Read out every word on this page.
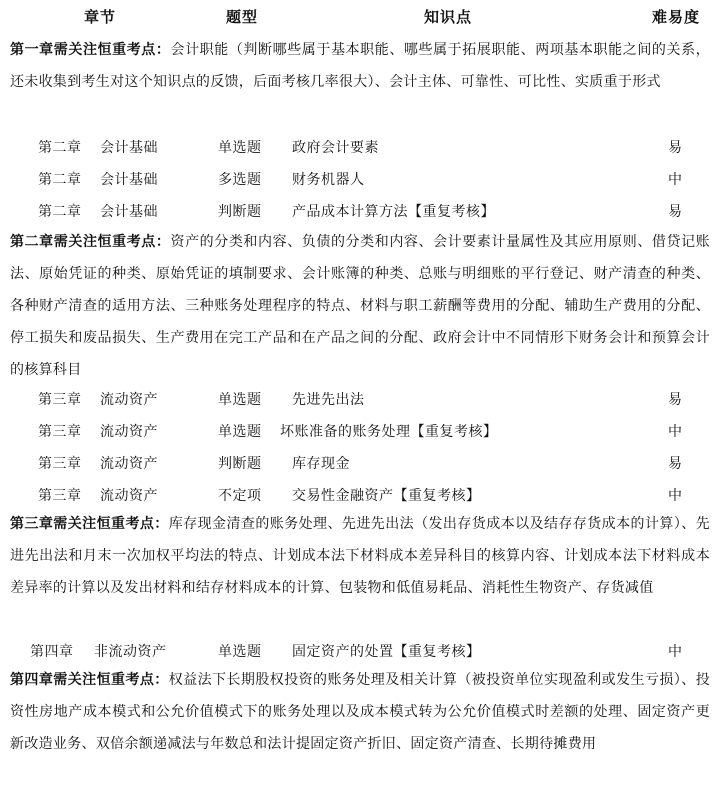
章节	题型	知识点	难易度
第一章需关注恒重考点：会计职能（判断哪些属于基本职能、哪些属于拓展职能、两项基本职能之间的关系，还未收集到考生对这个知识点的反馈，后面考核几率很大）、会计主体、可靠性、可比性、实质重于形式
第二章 会计基础	单选题 政府会计要素	易
第二章 会计基础	多选题 财务机器人	中
第二章 会计基础	判断题 产品成本计算方法【重复考核】	易
第二章需关注恒重考点：资产的分类和内容、负债的分类和内容、会计要素计量属性及其应用原则、借贷记账法、原始凭证的种类、原始凭证的填制要求、会计账簿的种类、总账与明细账的平行登记、财产清查的种类、各种财产清查的适用方法、三种账务处理程序的特点、材料与职工薪酬等费用的分配、辅助生产费用的分配、停工损失和废品损失、生产费用在完工产品和在产品之间的分配、政府会计中不同情形下财务会计和预算会计的核算科目
第三章 流动资产	单选题 先进先出法	易
第三章 流动资产	单选题 坏账准备的账务处理【重复考核】	中
第三章 流动资产	判断题 库存现金	易
第三章 流动资产	不定项 交易性金融资产【重复考核】	中
第三章需关注恒重考点：库存现金清查的账务处理、先进先出法（发出存货成本以及结存存货成本的计算）、先进先出法和月末一次加权平均法的特点、计划成本法下材料成本差异科目的核算内容、计划成本法下材料成本差异率的计算以及发出材料和结存材料成本的计算、包装物和低值易耗品、消耗性生物资产、存货减值
第四章 非流动资产	单选题 固定资产的处置【重复考核】	中
第四章需关注恒重考点：权益法下长期股权投资的账务处理及相关计算（被投资单位实现盈利或发生亏损）、投资性房地产成本模式和公允价值模式下的账务处理以及成本模式转为公允价值模式时差额的处理、固定资产更新改造业务、双倍余额递减法与年数总和法计提固定资产折旧、固定资产清查、长期待摊费用
